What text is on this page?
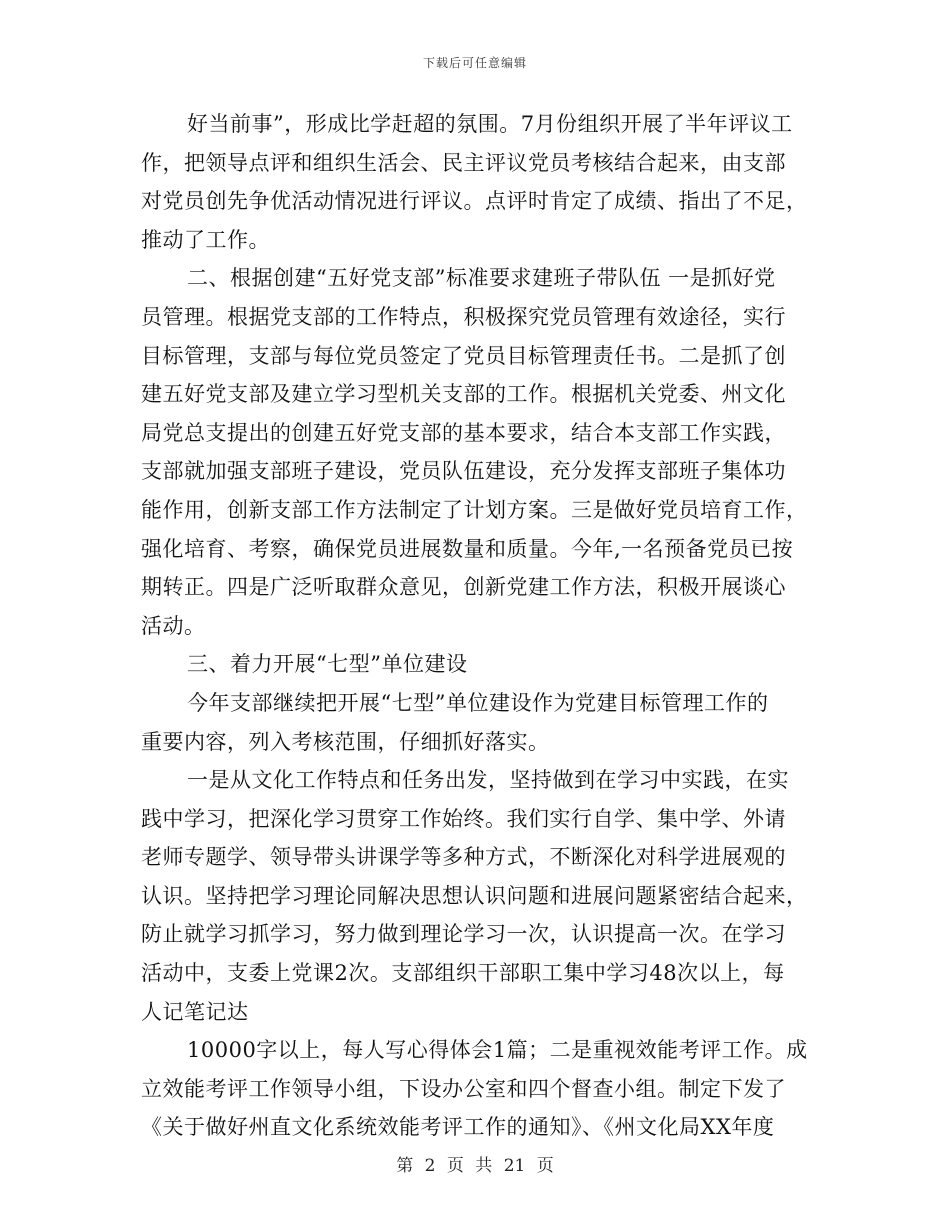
下载后可任意编辑
好当前事”，形成比学赶超的氛围。7月份组织开展了半年评议工
作，把领导点评和组织生活会、民主评议党员考核结合起来，由支部
对党员创先争优活动情况进行评议。点评时肯定了成绩、指出了不足，
推动了工作。
二、根据创建“五好党支部”标准要求建班子带队伍 一是抓好党
员管理。根据党支部的工作特点，积极探究党员管理有效途径，实行
目标管理，支部与每位党员签定了党员目标管理责任书。二是抓了创
建五好党支部及建立学习型机关支部的工作。根据机关党委、州文化
局党总支提出的创建五好党支部的基本要求，结合本支部工作实践，
支部就加强支部班子建设，党员队伍建设，充分发挥支部班子集体功
能作用，创新支部工作方法制定了计划方案。三是做好党员培育工作，
强化培育、考察，确保党员进展数量和质量。今年,一名预备党员已按
期转正。四是广泛听取群众意见，创新党建工作方法，积极开展谈心
活动。
三、着力开展“七型”单位建设
今年支部继续把开展“七型”单位建设作为党建目标管理工作的
重要内容，列入考核范围，仔细抓好落实。
一是从文化工作特点和任务出发，坚持做到在学习中实践，在实
践中学习，把深化学习贯穿工作始终。我们实行自学、集中学、外请
老师专题学、领导带头讲课学等多种方式，不断深化对科学进展观的
认识。坚持把学习理论同解决思想认识问题和进展问题紧密结合起来，
防止就学习抓学习，努力做到理论学习一次，认识提高一次。在学习
活动中，支委上党课2次。支部组织干部职工集中学习48次以上，每
人记笔记达
10000字以上，每人写心得体会1篇；二是重视效能考评工作。成
立效能考评工作领导小组，下设办公室和四个督查小组。制定下发了
《关于做好州直文化系统效能考评工作的通知》、《州文化局XX年度
第 2 页 共 21 页
